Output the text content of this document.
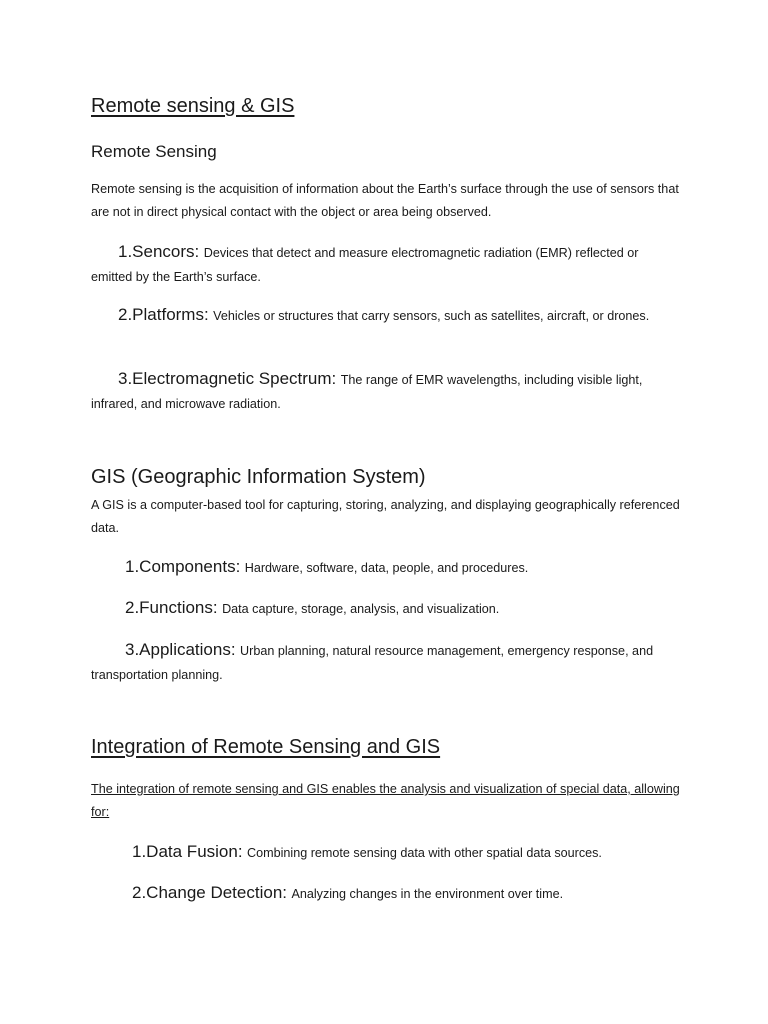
Remote sensing & GIS
Remote Sensing
Remote sensing is the acquisition of information about the Earth’s surface through the use of sensors that are not in direct physical contact with the object or area being observed.
1.Sencors: Devices that detect and measure electromagnetic radiation (EMR) reflected or emitted by the Earth’s surface.
2.Platforms: Vehicles or structures that carry sensors, such as satellites, aircraft, or drones.
3.Electromagnetic Spectrum: The range of EMR wavelengths, including visible light, infrared, and microwave radiation.
GIS (Geographic Information System)
A GIS is a computer-based tool for capturing, storing, analyzing, and displaying geographically referenced data.
1.Components: Hardware, software, data, people, and procedures.
2.Functions: Data capture, storage, analysis, and visualization.
3.Applications: Urban planning, natural resource management, emergency response, and transportation planning.
Integration of Remote Sensing and GIS
The integration of remote sensing and GIS enables the analysis and visualization of special data, allowing for:
1.Data Fusion: Combining remote sensing data with other spatial data sources.
2.Change Detection: Analyzing changes in the environment over time.
